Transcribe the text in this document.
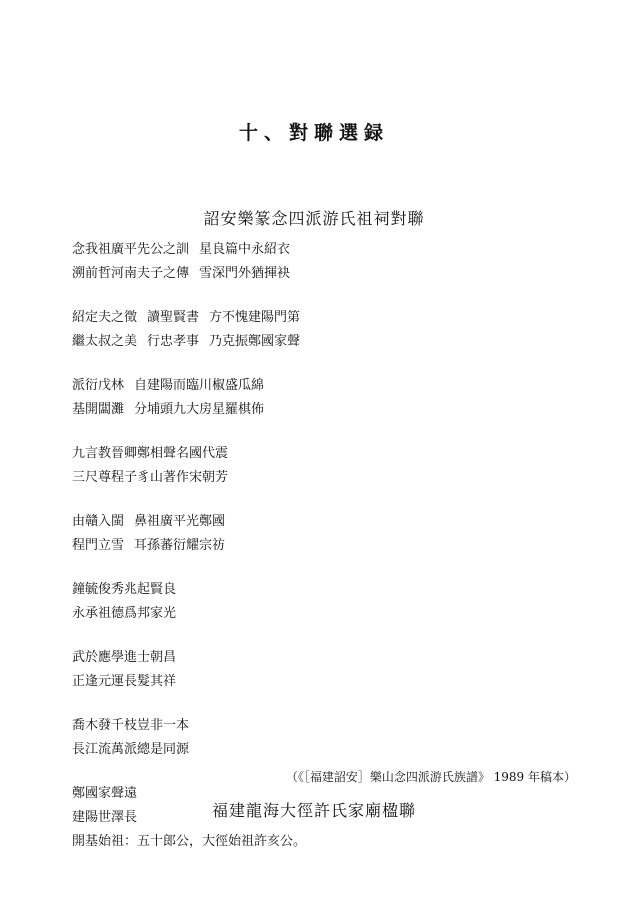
十、對聯選録
詔安樂篆念四派游氏祖祠對聯
念我祖廣平先公之訓 星良篇中永紹衣
溯前哲河南夫子之傳 雪深門外猶揮袂
紹定夫之徵 讀聖賢書 方不愧建陽門第
繼太叔之美 行忠孝事 乃克振鄭國家聲
派衍戊林 自建陽而臨川椒盛瓜綿
基開闆灘 分埔頭九大房星羅棋佈
九言教晉卿鄭相聲名國代震
三尺尊程子豸山著作宋朝芳
由贛入閩 鼻祖廣平光鄭國
程門立雪 耳孫蕃衍耀宗祊
鐘毓俊秀兆起賢良
永承祖德爲邦家光
武於應學進士朝昌
正逢元運長髮其祥
喬木發千枝豈非一本
長江流萬派總是同源
鄭國家聲遠
建陽世澤長
（《［福建詔安］樂山念四派游氏族譜》 1989 年稿本）
福建龍海大徑許氏家廟楹聯
開基始祖：五十郎公，大徑始祖許亥公。
